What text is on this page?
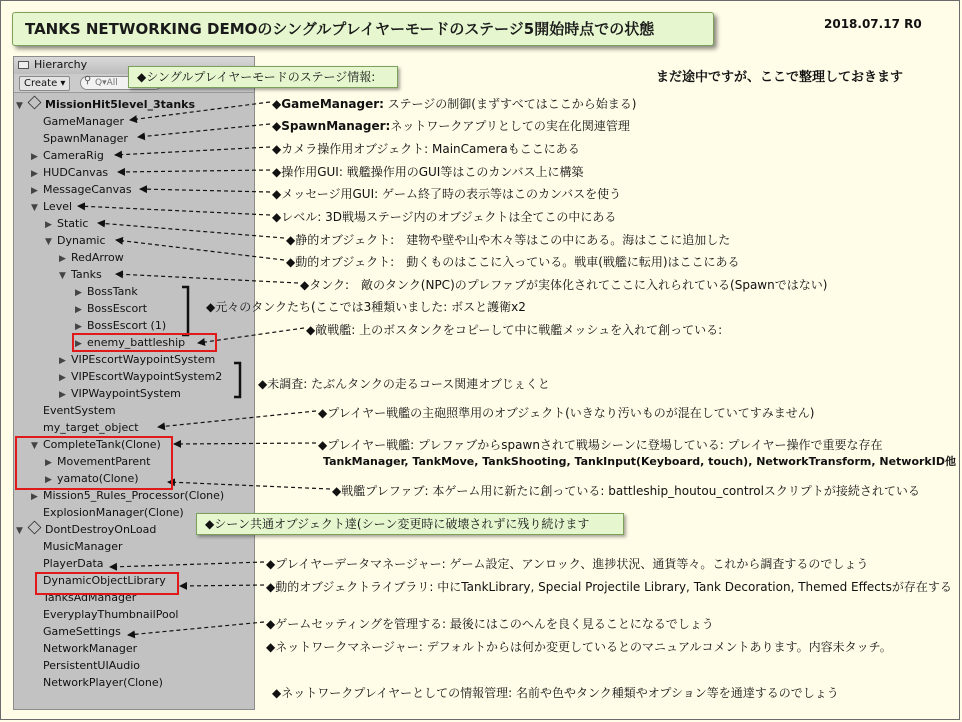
TANKS NETWORKING DEMOのシングルプレイヤーモードのステージ5開始時点での状態	2018.07.17 R0
まだ途中ですが、ここで整理しておきます
Hierarchy
Create ▾	⚲
Q▾All
▼ MissionHit5level_3tanks
GameManager
SpawnManager
▶ CameraRig
▶ HUDCanvas
▶ MessageCanvas
▼ Level
▶ Static
▼ Dynamic
▶ RedArrow
▼ Tanks
▶ BossTank
▶ BossEscort
▶ BossEscort (1)
▶ enemy_battleship
▶ VIPEscortWaypointSystem
▶ VIPEscortWaypointSystem2
▶ VIPWaypointSystem
EventSystem
my_target_object
▼ CompleteTank(Clone)
▶ MovementParent
▶ yamato(Clone)
▶ Mission5_Rules_Processor(Clone)
ExplosionManager(Clone)
▼ DontDestroyOnLoad
MusicManager
PlayerData
DynamicObjectLibrary
TanksAdManager
EveryplayThumbnailPool
GameSettings
NetworkManager
PersistentUIAudio
NetworkPlayer(Clone)
◆シングルプレイヤーモードのステージ情報:
◆シーン共通オブジェクト達(シーン変更時に破壊されずに残り続けます
◆GameManager: ステージの制御(まずすべてはここから始まる)
◆SpawnManager:ネットワークアプリとしての実在化関連管理
◆カメラ操作用オブジェクト: MainCameraもここにある
◆操作用GUI: 戦艦操作用のGUI等はこのカンバス上に構築
◆メッセージ用GUI: ゲーム終了時の表示等はこのカンバスを使う
◆レベル: 3D戦場ステージ内のオブジェクトは全てこの中にある
◆静的オブジェクト:　建物や壁や山や木々等はこの中にある。海はここに追加した
◆動的オブジェクト:　動くものはここに入っている。戦車(戦艦に転用)はここにある
◆タンク:　敵のタンク(NPC)のプレファブが実体化されてここに入れられている(Spawnではない)
◆元々のタンクたち(ここでは3種類いました: ボスと護衛x2
◆敵戦艦: 上のボスタンクをコピーして中に戦艦メッシュを入れて創っている:
◆未調査: たぶんタンクの走るコース関連オブじぇくと
◆プレイヤー戦艦の主砲照準用のオブジェクト(いきなり汚いものが混在していてすみません)
◆プレイヤー戦艦: プレファブからspawnされて戦場シーンに登場している: プレイヤー操作で重要な存在
TankManager, TankMove, TankShooting, TankInput(Keyboard, touch), NetworkTransform, NetworkID他
◆戦艦プレファブ: 本ゲーム用に新たに創っている: battleship_houtou_controlスクリプトが接続されている
◆プレイヤーデータマネージャー: ゲーム設定、アンロック、進捗状況、通貨等々。これから調査するのでしょう
◆動的オブジェクトライブラリ: 中にTankLibrary, Special Projectile Library, Tank Decoration, Themed Effectsが存在する
◆ゲームセッティングを管理する: 最後にはこのへんを良く見ることになるでしょう
◆ネットワークマネージャー: デフォルトからは何か変更しているとのマニュアルコメントあります。内容未タッチ。
◆ネットワークプレイヤーとしての情報管理: 名前や色やタンク種類やオプション等を通達するのでしょう
